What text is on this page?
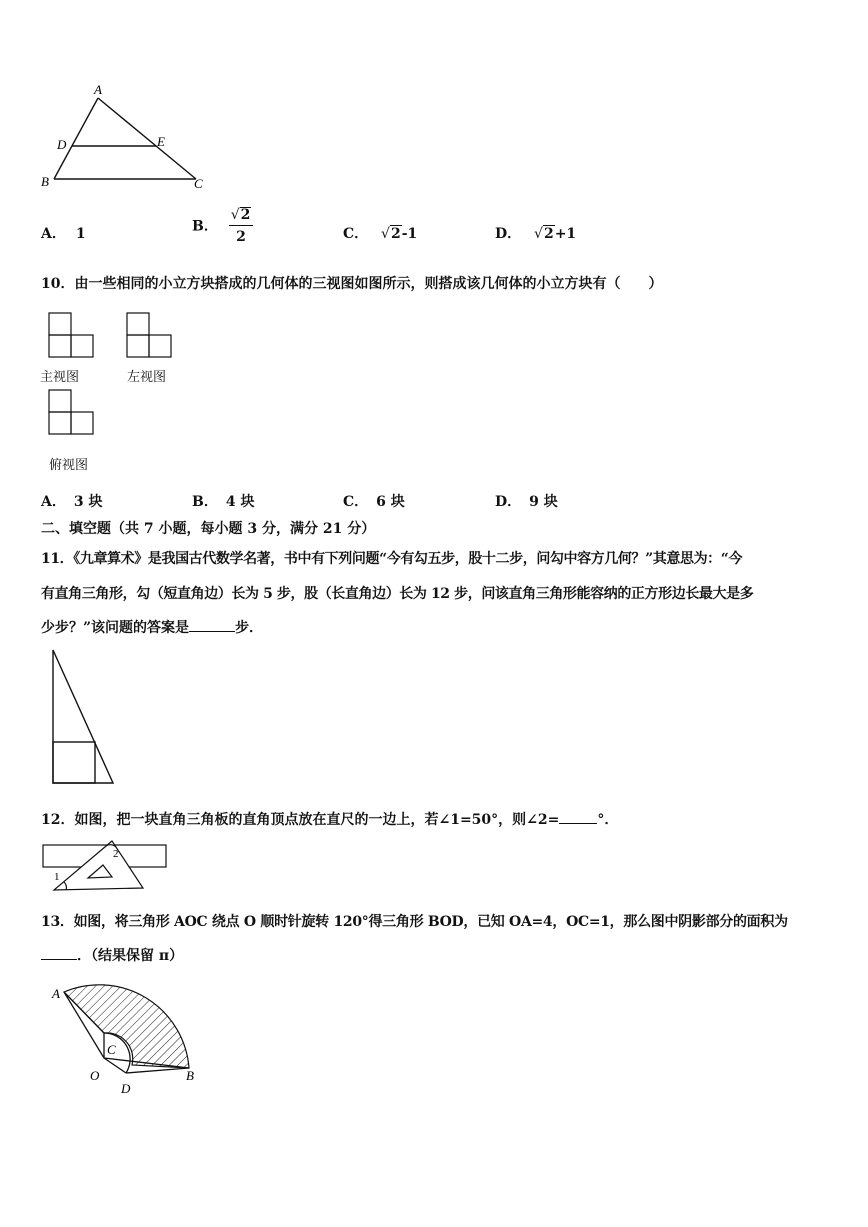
A
D	E
B	C
A． 1	B． $\frac{√ 2}{2}$	C． √ 2 -1	D． √ 2 +1
10．由一些相同的小立方块搭成的几何体的三视图如图所示，则搭成该几何体的小立方块有（　　）
主视图	左视图
俯视图
A． 3 块	B． 4 块	C． 6 块	D． 9 块
二、填空题（共 7 小题，每小题 3 分，满分 21 分）
11．《九章算术》是我国古代数学名著，书中有下列问题“今有勾五步，股十二步，问勾中容方几何？”其意思为：“今
有直角三角形，勾（短直角边）长为 5 步，股（长直角边）长为 12 步，问该直角三角形能容纳的正方形边长最大是多
少步？”该问题的答案是	步．
12．如图，把一块直角三角板的直角顶点放在直尺的一边上，若∠1=50°，则∠2=	°．
2
1
13．如图，将三角形 AOC 绕点 O 顺时针旋转 120°得三角形 BOD，已知 OA=4，OC=1，那么图中阴影部分的面积为
．（结果保留 π）
A
C
O
D
B
